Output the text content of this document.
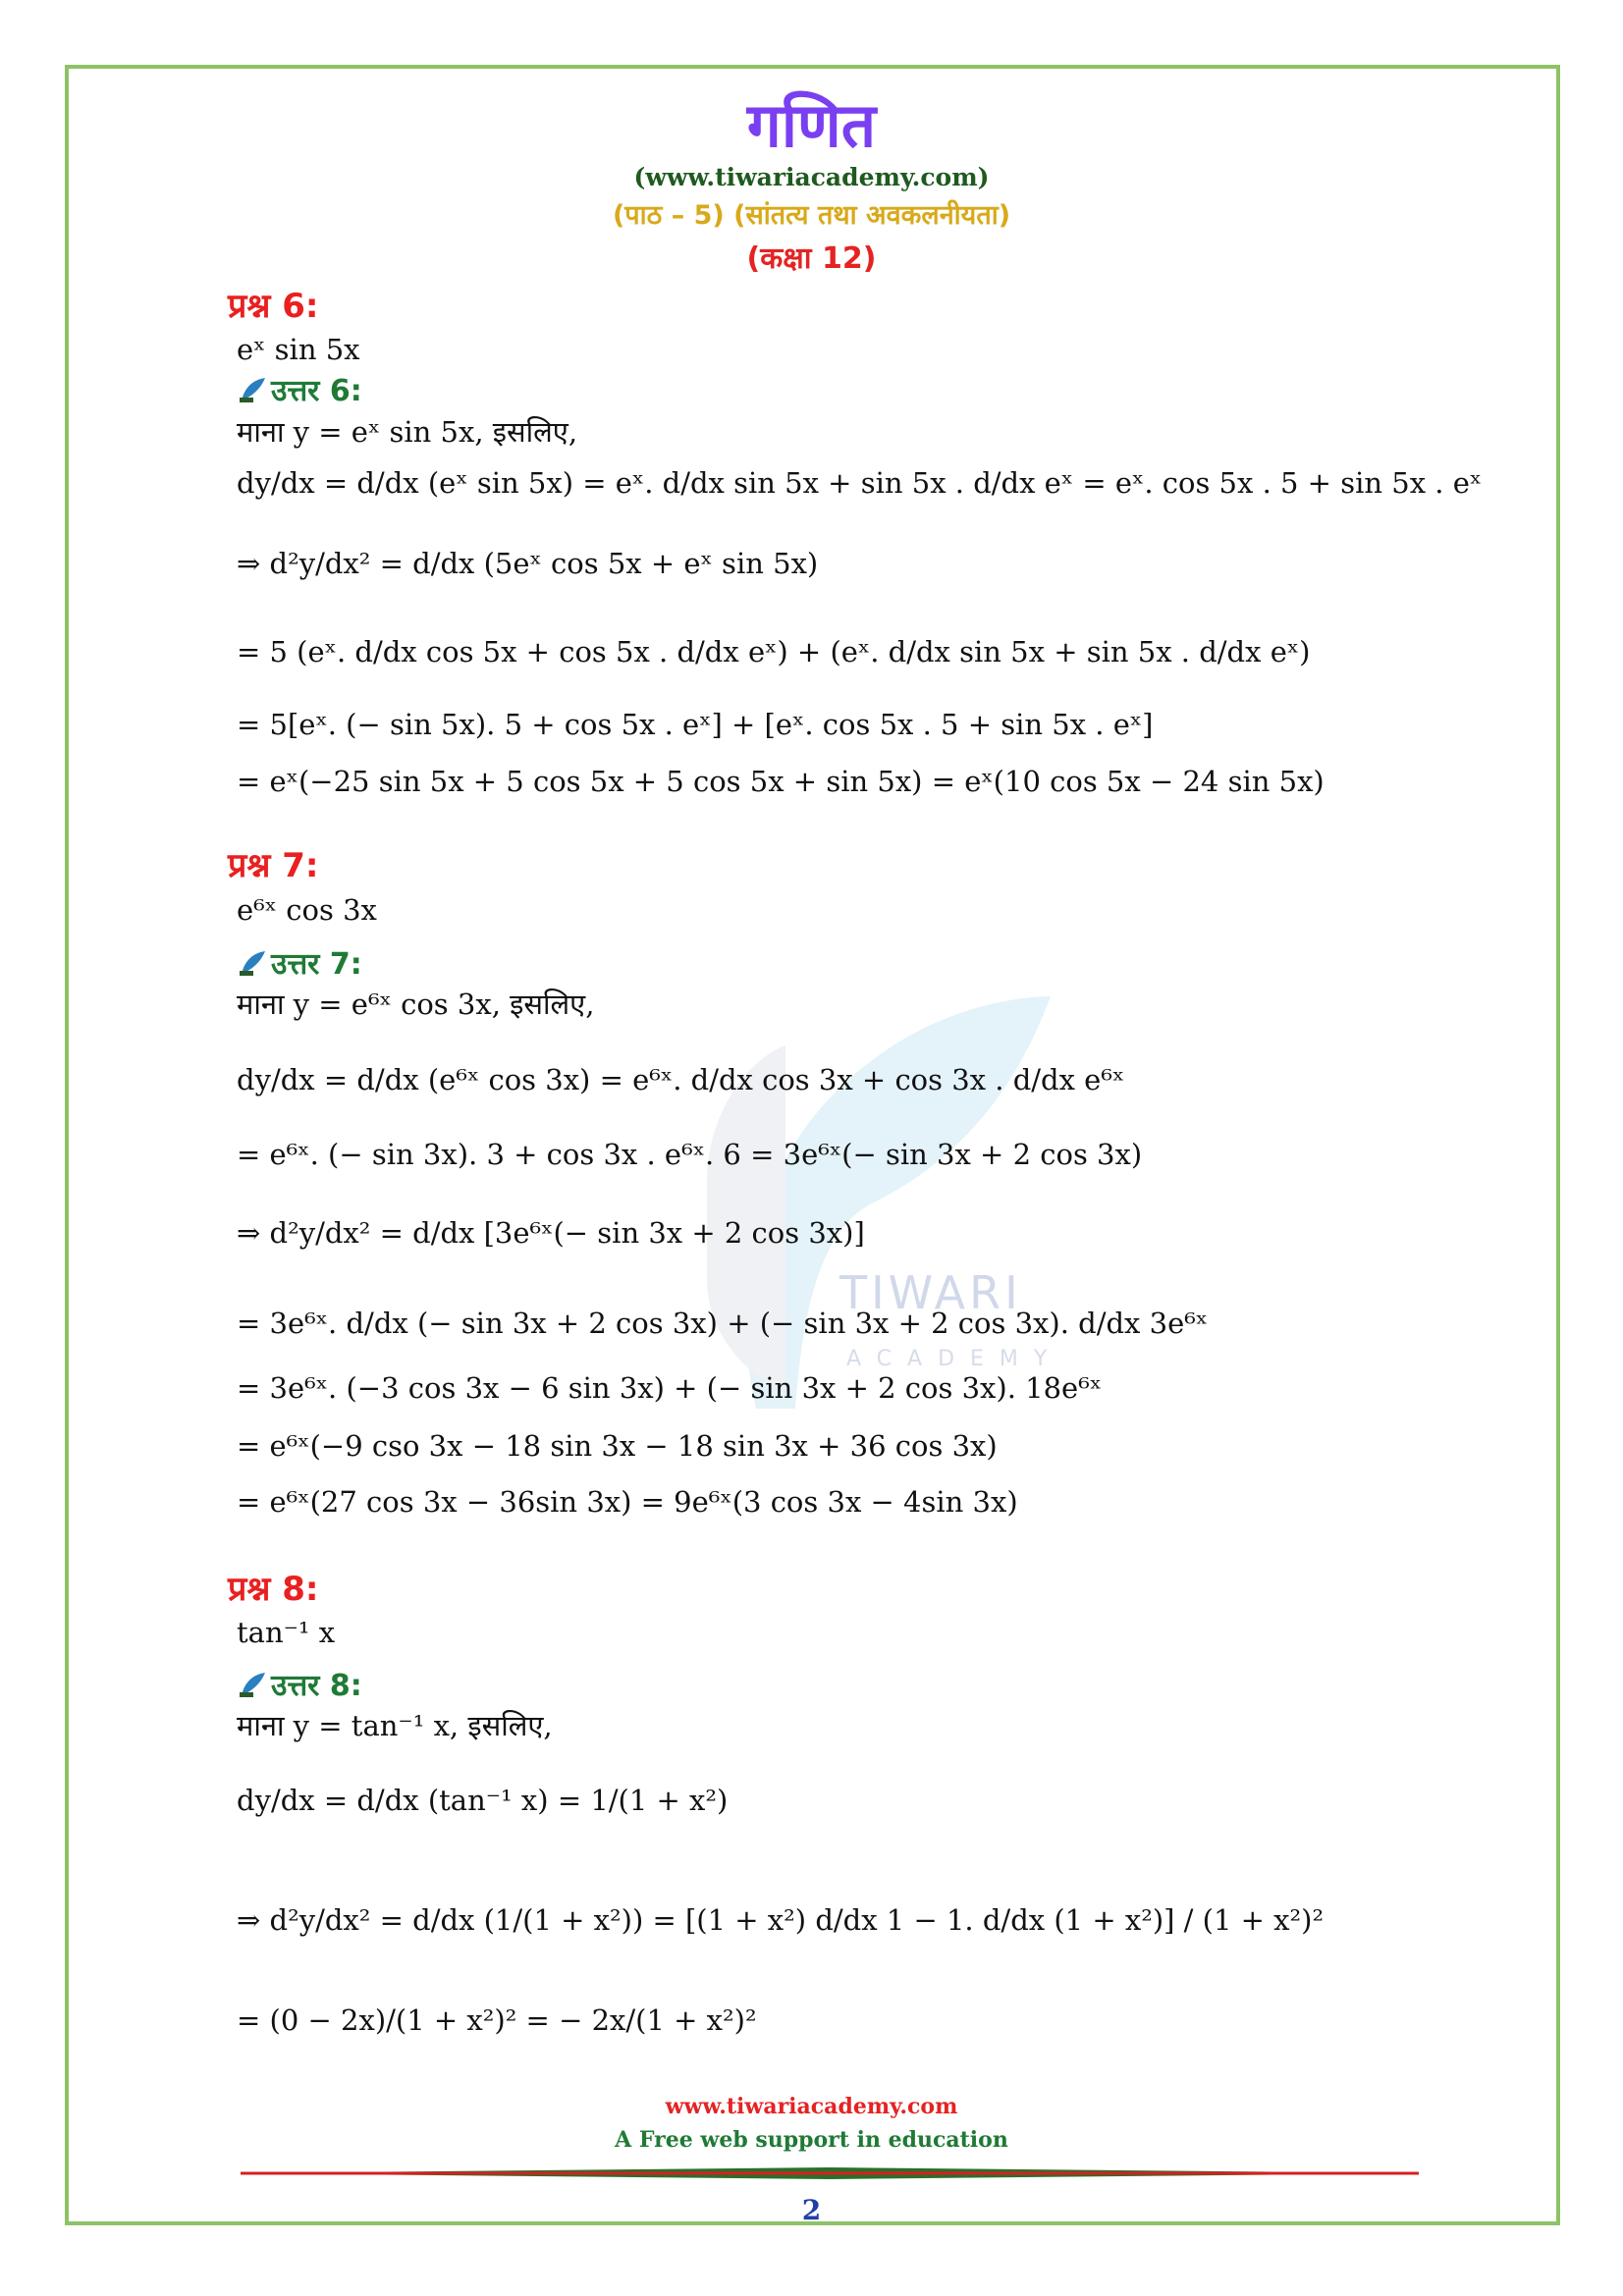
गणित
(www.tiwariacademy.com)
(पाठ – 5) (सांतत्य तथा अवकलनीयता)
(कक्षा 12)
TIWARI
ACADEMY
प्रश्न 6:
eˣ sin 5x
उत्तर 6:
माना y = eˣ sin 5x, इसलिए,
dy/dx = d/dx (eˣ sin 5x) = eˣ. d/dx sin 5x + sin 5x . d/dx eˣ = eˣ. cos 5x . 5 + sin 5x . eˣ
⇒ d²y/dx² = d/dx (5eˣ cos 5x + eˣ sin 5x)
= 5 (eˣ. d/dx cos 5x + cos 5x . d/dx eˣ) + (eˣ. d/dx sin 5x + sin 5x . d/dx eˣ)
= 5[eˣ. (− sin 5x). 5 + cos 5x . eˣ] + [eˣ. cos 5x . 5 + sin 5x . eˣ]
= eˣ(−25 sin 5x + 5 cos 5x + 5 cos 5x + sin 5x) = eˣ(10 cos 5x − 24 sin 5x)
प्रश्न 7:
e⁶ˣ cos 3x
उत्तर 7:
माना y = e⁶ˣ cos 3x, इसलिए,
dy/dx = d/dx (e⁶ˣ cos 3x) = e⁶ˣ. d/dx cos 3x + cos 3x . d/dx e⁶ˣ
= e⁶ˣ. (− sin 3x). 3 + cos 3x . e⁶ˣ. 6 = 3e⁶ˣ(− sin 3x + 2 cos 3x)
⇒ d²y/dx² = d/dx [3e⁶ˣ(− sin 3x + 2 cos 3x)]
= 3e⁶ˣ. d/dx (− sin 3x + 2 cos 3x) + (− sin 3x + 2 cos 3x). d/dx 3e⁶ˣ
= 3e⁶ˣ. (−3 cos 3x − 6 sin 3x) + (− sin 3x + 2 cos 3x). 18e⁶ˣ
= e⁶ˣ(−9 cso 3x − 18 sin 3x − 18 sin 3x + 36 cos 3x)
= e⁶ˣ(27 cos 3x − 36sin 3x) = 9e⁶ˣ(3 cos 3x − 4sin 3x)
प्रश्न 8:
tan⁻¹ x
उत्तर 8:
माना y = tan⁻¹ x, इसलिए,
dy/dx = d/dx (tan⁻¹ x) = 1/(1 + x²)
⇒ d²y/dx² = d/dx (1/(1 + x²)) = [(1 + x²) d/dx 1 − 1. d/dx (1 + x²)] / (1 + x²)²
= (0 − 2x)/(1 + x²)² = − 2x/(1 + x²)²
www.tiwariacademy.com
A Free web support in education
2
